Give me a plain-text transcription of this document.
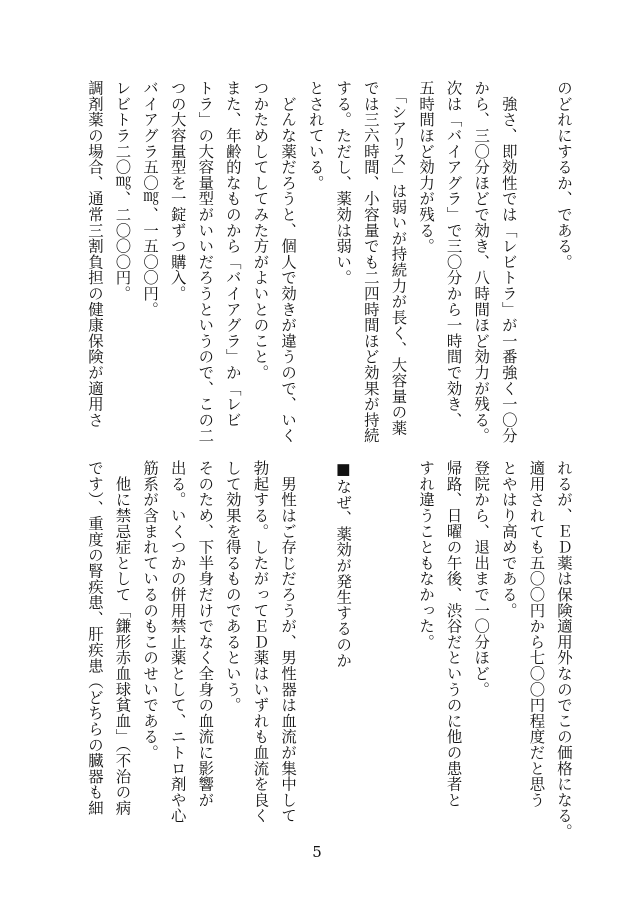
のどれにするか、である。

　強さ、即効性では「レビトラ」が一番強く一〇分
から、三〇分ほどで効き、八時間ほど効力が残る。
次は「バイアグラ」で三〇分から一時間で効き、
五時間ほど効力が残る。
　「シアリス」は弱いが持続力が長く、大容量の薬
では三六時間、小容量でも二四時間ほど効果が持続
する。ただし、薬効は弱い。
とされている。
　どんな薬だろうと、個人で効きが違うので、いく
つかためしてしてみた方がよいとのこと。
また、年齢的なものから「バイアグラ」か「レビ
トラ」の大容量型がいいだろうというので、この二
つの大容量型を一錠ずつ購入。
バイアグラ五〇㎎、一五〇〇円。
レビトラ二〇㎎、二〇〇〇円。
調剤薬の場合、通常三割負担の健康保険が適用さ
れるが、ＥＤ薬は保険適用外なのでこの価格になる。
適用されても五〇〇円から七〇〇円程度だと思う
とやはり高めである。
登院から、退出まで一〇分ほど。
帰路、日曜の午後、渋谷だというのに他の患者と
すれ違うこともなかった。

■なぜ、薬効が発生するのか

　男性はご存じだろうが、男性器は血流が集中して
勃起する。したがってＥＤ薬はいずれも血流を良く
して効果を得るものであるという。
そのため、下半身だけでなく全身の血流に影響が
出る。いくつかの併用禁止薬として、ニトロ剤や心
筋系が含まれているのもこのせいである。
　他に禁忌症として「鎌形赤血球貧血」（不治の病
です）、重度の腎疾患、肝疾患（どちらの臓器も細
5
